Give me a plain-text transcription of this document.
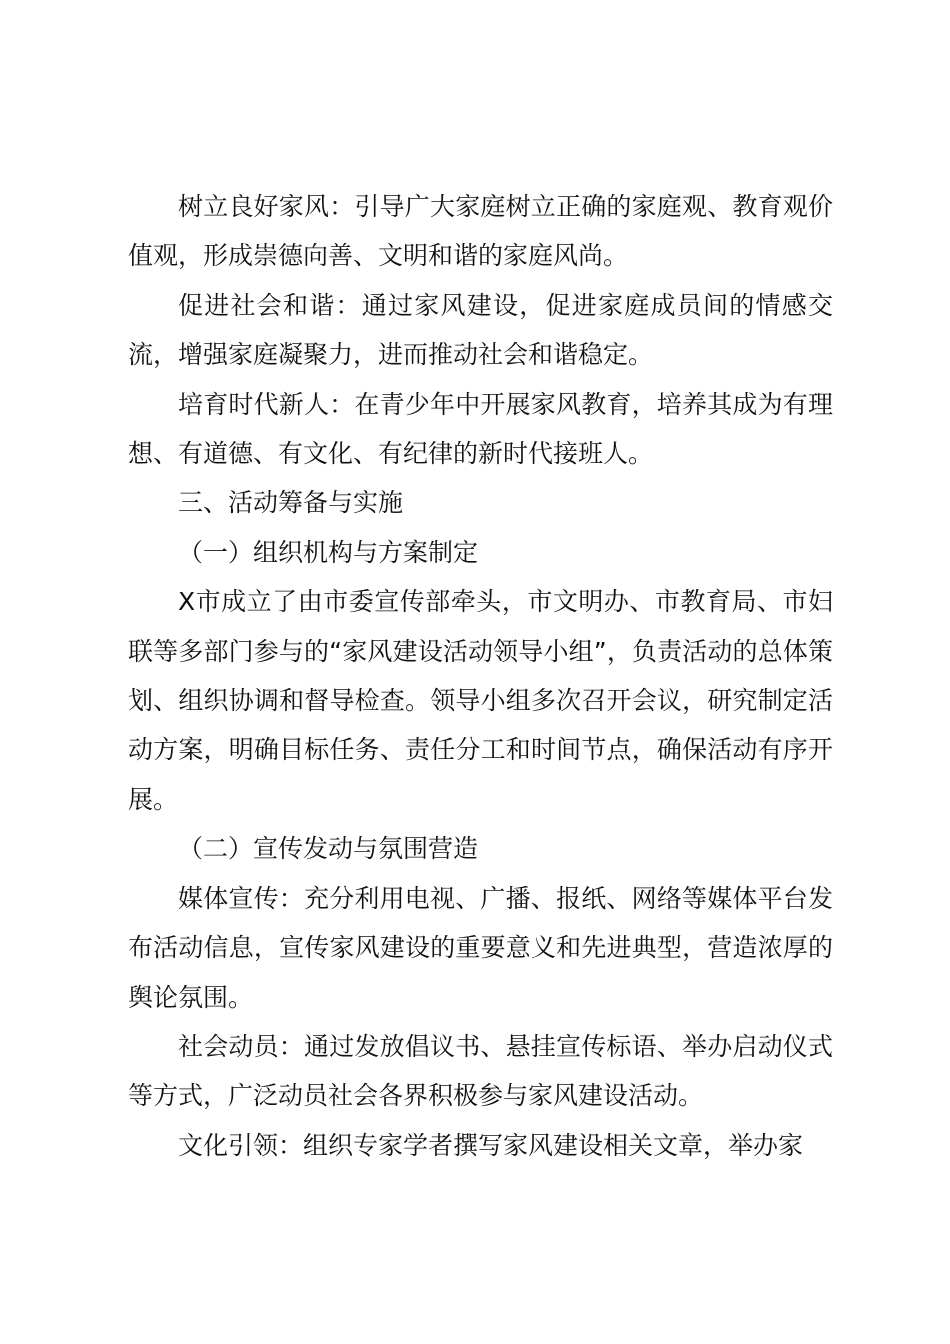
树立良好家风：引导广大家庭树立正确的家庭观、教育观价值观，形成崇德向善、文明和谐的家庭风尚。

促进社会和谐：通过家风建设，促进家庭成员间的情感交流，增强家庭凝聚力，进而推动社会和谐稳定。

培育时代新人：在青少年中开展家风教育，培养其成为有理想、有道德、有文化、有纪律的新时代接班人。

三、活动筹备与实施

（一）组织机构与方案制定

X市成立了由市委宣传部牵头，市文明办、市教育局、市妇联等多部门参与的“家风建设活动领导小组”，负责活动的总体策划、组织协调和督导检查。领导小组多次召开会议，研究制定活动方案，明确目标任务、责任分工和时间节点，确保活动有序开展。

（二）宣传发动与氛围营造

媒体宣传：充分利用电视、广播、报纸、网络等媒体平台发布活动信息，宣传家风建设的重要意义和先进典型，营造浓厚的舆论氛围。

社会动员：通过发放倡议书、悬挂宣传标语、举办启动仪式等方式，广泛动员社会各界积极参与家风建设活动。

文化引领：组织专家学者撰写家风建设相关文章，举办家
